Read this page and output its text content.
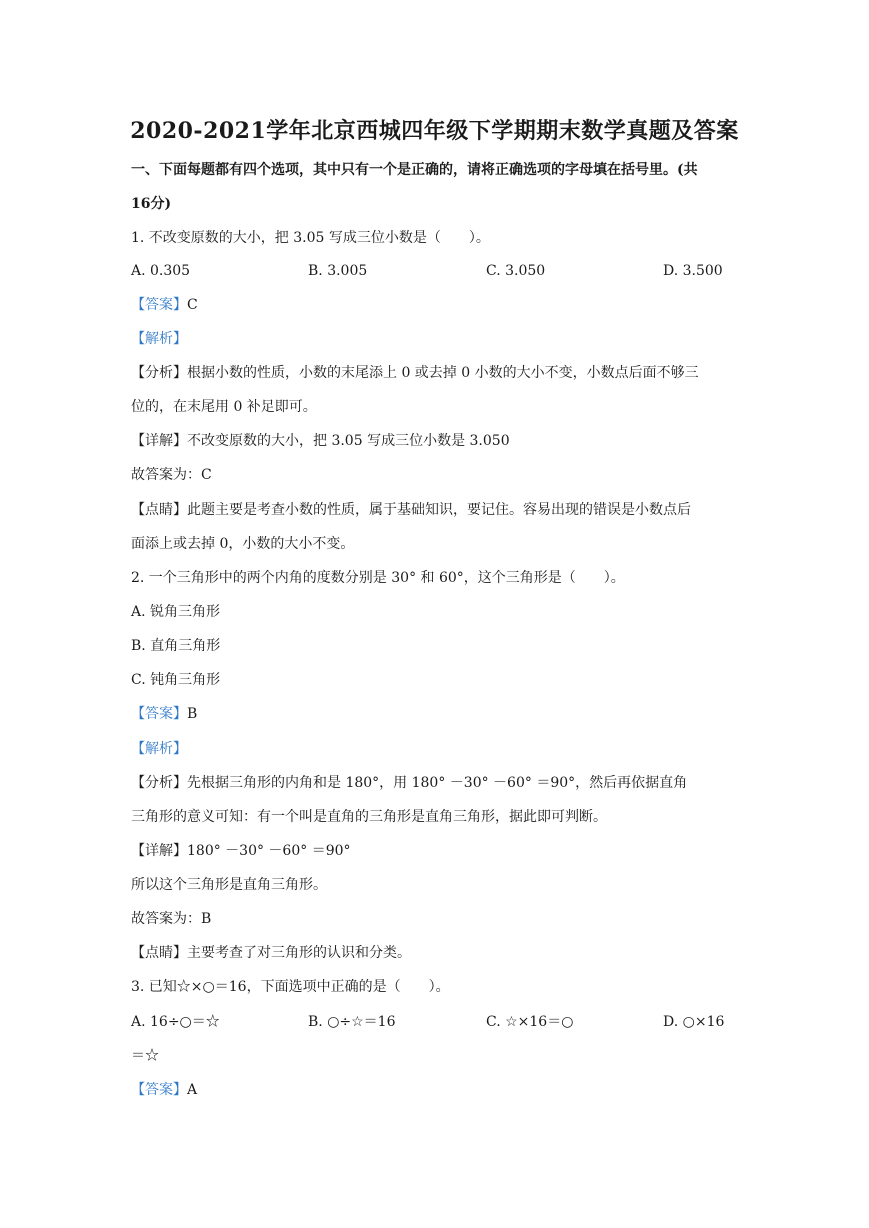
2020-2021学年北京西城四年级下学期期末数学真题及答案
一、下面每题都有四个选项，其中只有一个是正确的，请将正确选项的字母填在括号里。(共
16分)
1. 不改变原数的大小，把 3.05 写成三位小数是（　　）。
A. 0.305	B. 3.005	C. 3.050	D. 3.500
【答案】C
【解析】
【分析】根据小数的性质，小数的末尾添上 0 或去掉 0 小数的大小不变，小数点后面不够三
位的，在末尾用 0 补足即可。
【详解】不改变原数的大小，把 3.05 写成三位小数是 3.050
故答案为：C
【点睛】此题主要是考查小数的性质，属于基础知识，要记住。容易出现的错误是小数点后
面添上或去掉 0，小数的大小不变。
2. 一个三角形中的两个内角的度数分别是 30° 和 60°，这个三角形是（　　）。
A. 锐角三角形
B. 直角三角形
C. 钝角三角形
【答案】B
【解析】
【分析】先根据三角形的内角和是 180°，用 180° －30° －60° ＝90°，然后再依据直角
三角形的意义可知：有一个叫是直角的三角形是直角三角形，据此即可判断。
【详解】180° －30° －60° ＝90°
所以这个三角形是直角三角形。
故答案为：B
【点睛】主要考查了对三角形的认识和分类。
3. 已知☆×○＝16，下面选项中正确的是（　　）。
A. 16÷○＝☆	B. ○÷☆＝16	C. ☆×16＝○	D. ○×16
＝☆
【答案】A
